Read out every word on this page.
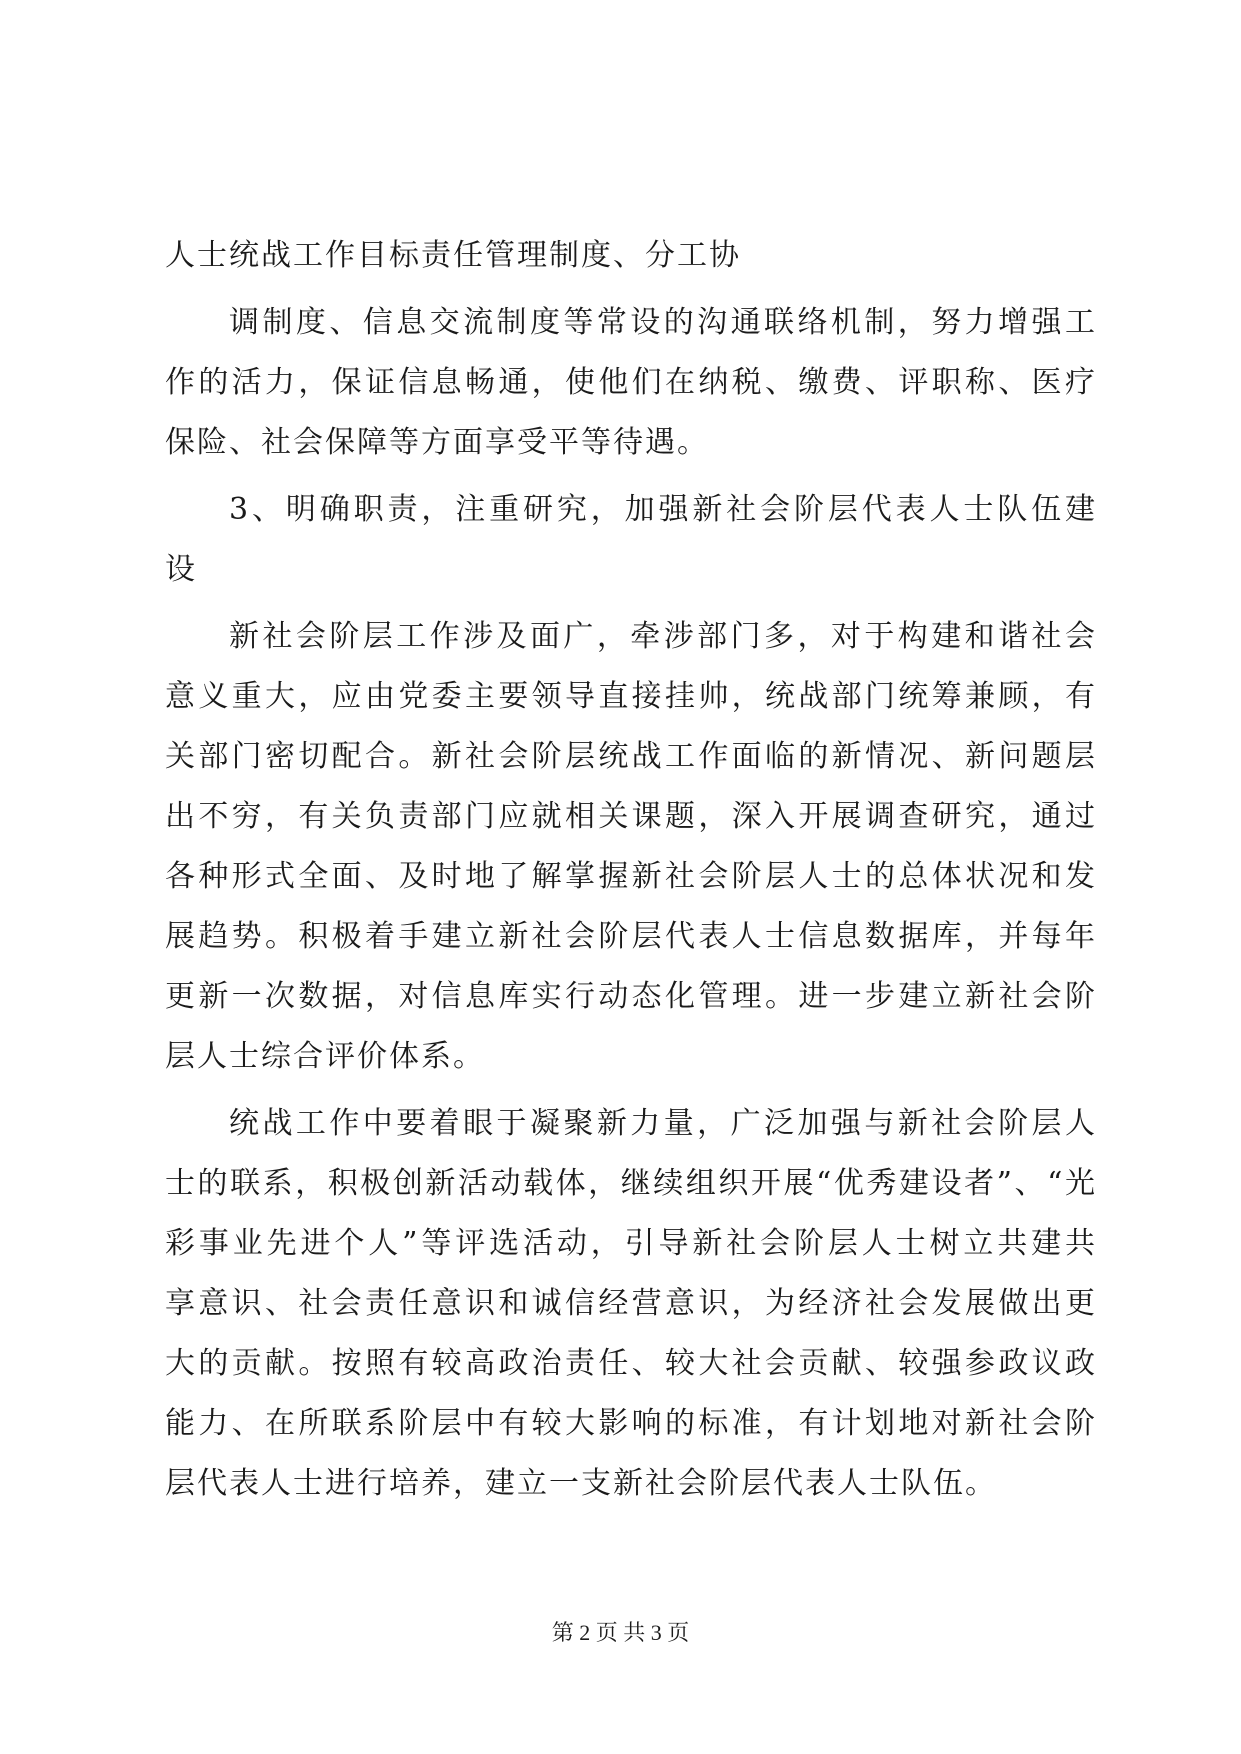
人士统战工作目标责任管理制度、分工协
调制度、信息交流制度等常设的沟通联络机制，努力增强工
作的活力，保证信息畅通，使他们在纳税、缴费、评职称、医疗
保险、社会保障等方面享受平等待遇。
3、明确职责，注重研究，加强新社会阶层代表人士队伍建
设
新社会阶层工作涉及面广，牵涉部门多，对于构建和谐社会
意义重大，应由党委主要领导直接挂帅，统战部门统筹兼顾，有
关部门密切配合。新社会阶层统战工作面临的新情况、新问题层
出不穷，有关负责部门应就相关课题，深入开展调查研究，通过
各种形式全面、及时地了解掌握新社会阶层人士的总体状况和发
展趋势。积极着手建立新社会阶层代表人士信息数据库，并每年
更新一次数据，对信息库实行动态化管理。进一步建立新社会阶
层人士综合评价体系。
统战工作中要着眼于凝聚新力量，广泛加强与新社会阶层人
士的联系，积极创新活动载体，继续组织开展“优秀建设者”、“光
彩事业先进个人”等评选活动，引导新社会阶层人士树立共建共
享意识、社会责任意识和诚信经营意识，为经济社会发展做出更
大的贡献。按照有较高政治责任、较大社会贡献、较强参政议政
能力、在所联系阶层中有较大影响的标准，有计划地对新社会阶
层代表人士进行培养，建立一支新社会阶层代表人士队伍。
第 2 页 共 3 页
